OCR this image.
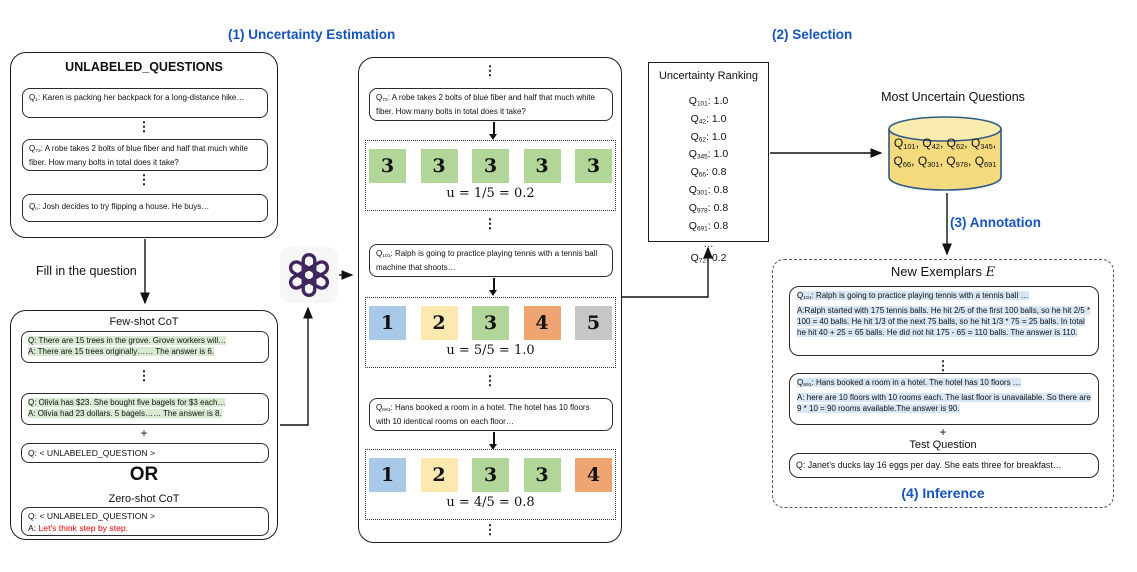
(1) Uncertainty Estimation	(2) Selection
(3) Annotation
UNLABELED_QUESTIONS
$Q_1$: Karen is packing her backpack for a long-distance hike…
⋮
$Q_{72}$: A robe takes 2 bolts of blue fiber and half that much white fiber. How many bolts in total does it take?
⋮
$Q_n$: Josh decides to try flipping a house. He buys…
Fill in the question
Few-shot CoT
Q: There are 15 trees in the grove. Grove workers will…
A: There are 15 trees originally…… The answer is 6.
⋮
Q: Olivia has $23. She bought five bagels for $3 each…
A: Olivia had 23 dollars. 5 bagels…… The answer is 8.
+
Q: < UNLABELED_QUESTION >
OR
Zero-shot CoT
Q: < UNLABELED_QUESTION >
A: Let's think step by step.
⋮
$Q_{72}$: A robe takes 2 bolts of blue fiber and half that much white fiber. How many bolts in total does it take?
3	3	3	3	3
u = 1/5 = 0.2
⋮
$Q_{101}$: Ralph is going to practice playing tennis with a tennis ball machine that shoots…
1	2	3	4	5
u = 5/5 = 1.0
⋮
$Q_{691}$: Hans booked a room in a hotel. The hotel has 10 floors with 10 identical rooms on each floor…
1	2	3	3	4
u = 4/5 = 0.8
⋮
Uncertainty Ranking
$Q_{101}$: 1.0
$Q_{42}$: 1.0
$Q_{62}$: 1.0
$Q_{345}$: 1.0
$Q_{66}$: 0.8
$Q_{301}$: 0.8
$Q_{978}$: 0.8
$Q_{691}$: 0.8
…
$Q_{72}$: 0.2
Most Uncertain Questions
$Q_{101}$, $Q_{42}$, $Q_{62}$, $Q_{345}$,
$Q_{66}$, $Q_{301}$, $Q_{978}$, $Q_{691}$
New Exemplars E
$Q_{101}$: Ralph is going to practice playing tennis with a tennis ball …
A:Ralph started with 175 tennis balls. He hit 2/5 of the first 100 balls, so he hit 2/5 * 100 = 40 balls. He hit 1/3 of the next 75 balls, so he hit 1/3 * 75 = 25 balls. In total he hit 40 + 25 = 65 balls. He did not hit 175 - 65 = 110 balls. The answer is 110.
⋮
$Q_{691}$: Hans booked a room in a hotel. The hotel has 10 floors …
A: here are 10 floors with 10 rooms each. The last floor is unavailable. So there are 9 * 10 = 90 rooms available.The answer is 90.
+
Test Question
Q: Janet's ducks lay 16 eggs per day. She eats three for breakfast…
(4) Inference
